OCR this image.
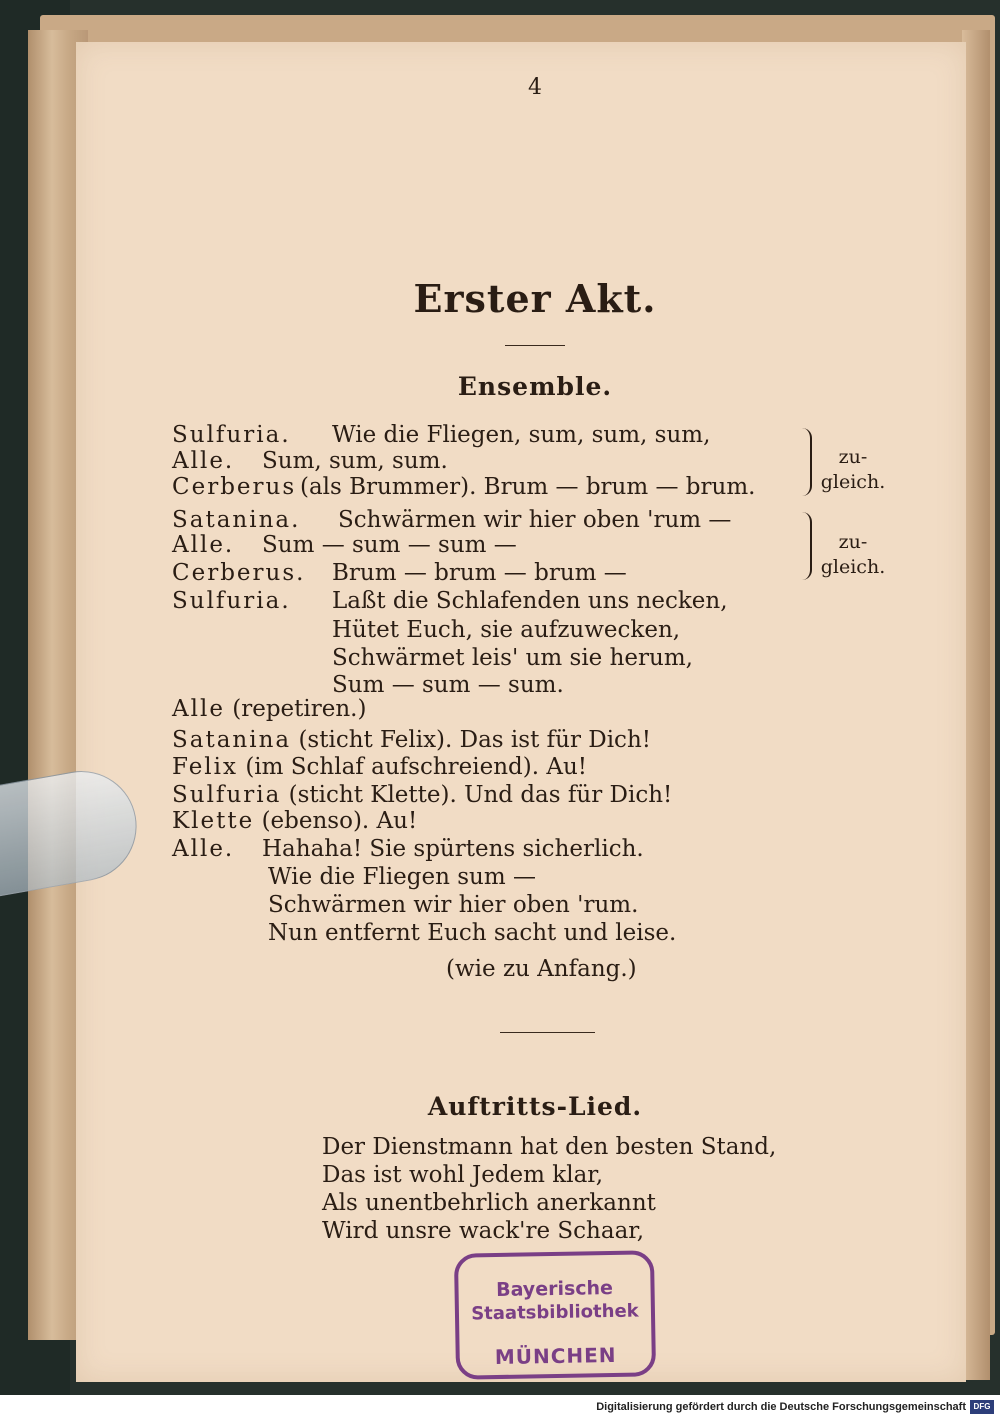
4
Erster Akt.
Ensemble.
Sulfuria. Wie die Fliegen, sum, sum, sum,
Alle. Sum, sum, sum.
Cerberus (als Brummer). Brum — brum — brum.
Satanina. Schwärmen wir hier oben 'rum —
Alle. Sum — sum — sum —
Cerberus. Brum — brum — brum —
Sulfuria. Laßt die Schlafenden uns necken,
Hütet Euch, sie aufzuwecken,
Schwärmet leis' um sie herum,
Sum — sum — sum.
Alle (repetiren.)
Satanina (sticht Felix). Das ist für Dich!
Felix (im Schlaf aufschreiend). Au!
Sulfuria (sticht Klette). Und das für Dich!
Klette (ebenso). Au!
Alle. Hahaha! Sie spürtens sicherlich.
Wie die Fliegen sum —
Schwärmen wir hier oben 'rum.
Nun entfernt Euch sacht und leise.
(wie zu Anfang.)
zu-
gleich.
zu-
gleich.
Auftritts-Lied.
Der Dienstmann hat den besten Stand,
Das ist wohl Jedem klar,
Als unentbehrlich anerkannt
Wird unsre wack're Schaar,
Bayerische
Staatsbibliothek
MÜNCHEN
Digitalisierung gefördert durch die Deutsche Forschungsgemeinschaft DFG
